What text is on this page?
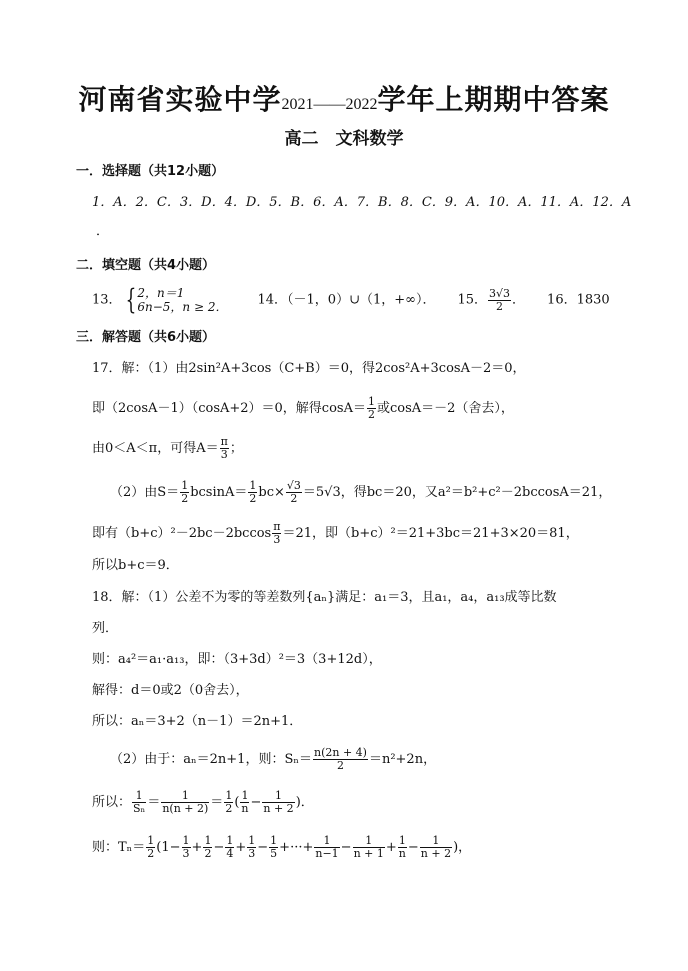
河南省实验中学2021——2022学年上期期中答案
高二　文科数学
一．选择题（共12小题）
1．A．2．C．3．D．4．D．5．B．6．A．7．B．8．C．9．A．10．A．11．A．12．A
．
二．填空题（共4小题）
13． { 2，n＝1
6n−5，n ≥ 2． 14．（－1，0）∪（1，+∞）． 15． $\frac{3√3}{2}$ ． 16．1830
三．解答题（共6小题）
17．解：（1）由2sin²A+3cos（C+B）＝0，得2cos²A+3cosA－2＝0，
即（2cosA－1）（cosA+2）＝0，解得$\cos A= \frac{1}{2}$ 或cosA＝－2（舍去），
由0＜A＜π，可得$A= \frac{\pi}{3}$ ；
（2）由$S= \frac{1}{2} bcsinA= \frac{1}{2} bc\times \frac{√3}{2} =5√3$，得bc＝20，又a²＝b²+c²－2bccosA＝21，
即有$(b+c)^2-2bc-2bccos \frac{\pi}{3} =21$，即（b+c）²＝21+3bc＝21+3×20＝81，
所以b+c＝9．
18．解：（1）公差不为零的等差数列{aₙ}满足：a₁＝3，且a₁，a₄，a₁₃成等比数
列．
则：a₄²＝a₁·a₁₃，即：（3+3d）²＝3（3+12d），
解得：d＝0或2（0舍去），
所以：aₙ＝3+2（n－1）＝2n+1．
（2）由于：aₙ＝2n+1，则：$S_n= \frac{n(2n + 4)}{2} =n^2+2n$，
所以： $\frac{1}{\text{Sₙ}} = \frac{1}{n(n + 2)} = \frac{1}{2}$ ( $\frac{1}{n} - \frac{1}{n + 2}$ )．
则：$T_n= \frac{1}{2} (1- \frac{1}{3} + \frac{1}{2} - \frac{1}{4} + \frac{1}{3} - \frac{1}{5}$ +···+ $\frac{1}{n-1} - \frac{1}{n + 1} + \frac{1}{n} - \frac{1}{n + 2}$ )，
